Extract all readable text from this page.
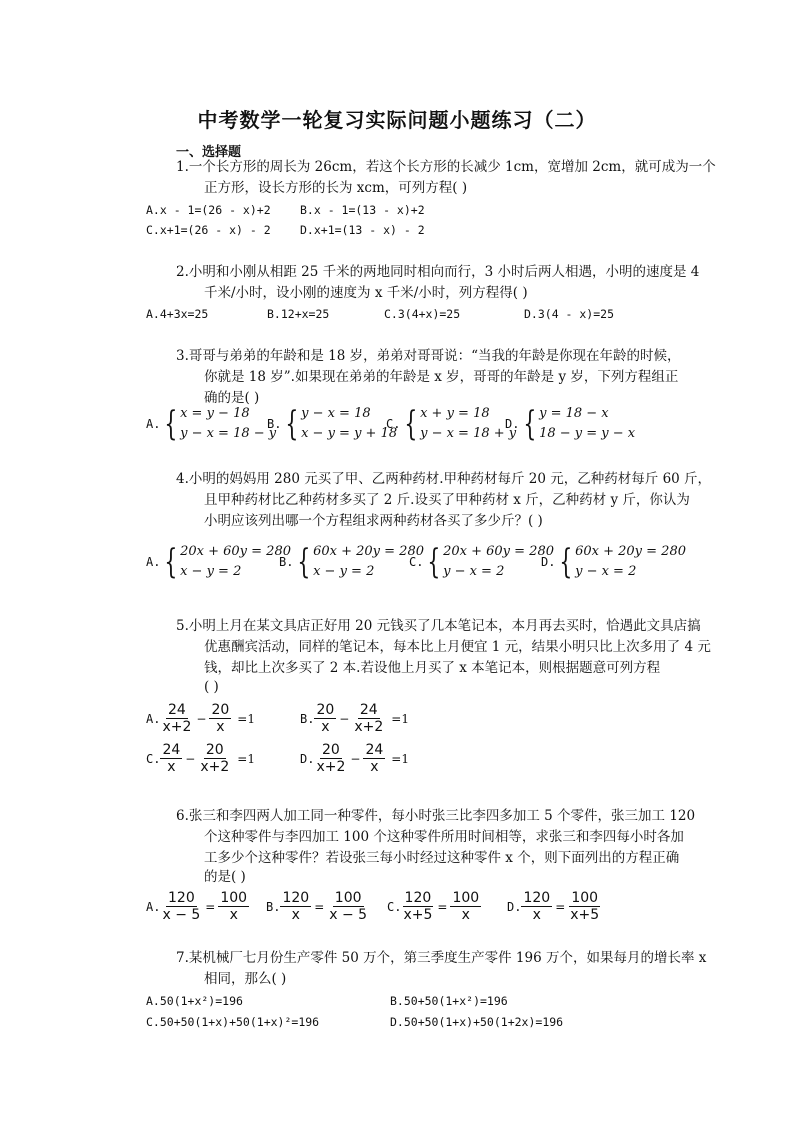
中考数学一轮复习实际问题小题练习（二）
一、选择题
1.一个长方形的周长为 26cm，若这个长方形的长减少 1cm，宽增加 2cm，就可成为一个
正方形，设长方形的长为 xcm，可列方程( )
A.x - 1=(26 - x)+2	B.x - 1=(13 - x)+2
C.x+1=(26 - x) - 2	D.x+1=(13 - x) - 2
2.小明和小刚从相距 25 千米的两地同时相向而行，3 小时后两人相遇，小明的速度是 4
千米/小时，设小刚的速度为 x 千米/小时，列方程得( )
A.4+3x=25	B.12+x=25	C.3(4+x)=25	D.3(4 - x)=25
3.哥哥与弟弟的年龄和是 18 岁，弟弟对哥哥说：“当我的年龄是你现在年龄的时候，
你就是 18 岁”.如果现在弟弟的年龄是 x 岁，哥哥的年龄是 y 岁，下列方程组正
确的是( )
A. { x = y − 18
y − x = 18 − y
B. { y − x = 18
x − y = y + 18
C. { x + y = 18
y − x = 18 + y
D. { y = 18 − x
18 − y = y − x
4.小明的妈妈用 280 元买了甲、乙两种药材.甲种药材每斤 20 元，乙种药材每斤 60 斤，
且甲种药材比乙种药材多买了 2 斤.设买了甲种药材 x 斤，乙种药材 y 斤，你认为
小明应该列出哪一个方程组求两种药材各买了多少斤？( )
A. { 20x + 60y = 280
x − y = 2
B. { 60x + 20y = 280
x − y = 2
C. { 20x + 60y = 280
y − x = 2
D. { 60x + 20y = 280
y − x = 2
5.小明上月在某文具店正好用 20 元钱买了几本笔记本，本月再去买时，恰遇此文具店搞
优惠酬宾活动，同样的笔记本，每本比上月便宜 1 元，结果小明只比上次多用了 4 元
钱，却比上次多买了 2 本.若设他上月买了 x 本笔记本，则根据题意可列方程
( )
A. $\frac{24}{x+2} - \frac{20}{x} =1$	B. $\frac{20}{x} - \frac{24}{x+2} =1$
C. $\frac{24}{x} - \frac{20}{x+2} =1$	D. $\frac{20}{x+2} - \frac{24}{x} =1$
6.张三和李四两人加工同一种零件，每小时张三比李四多加工 5 个零件，张三加工 120
个这种零件与李四加工 100 个这种零件所用时间相等，求张三和李四每小时各加
工多少个这种零件？若设张三每小时经过这种零件 x 个，则下面列出的方程正确
的是( )
A. $\frac{120}{x - 5} = \frac{100}{x} B$. $\frac{120}{x} = \frac{100}{x - 5} C$. $\frac{120}{x+5} = \frac{100}{x} D$. $\frac{120}{x} = \frac{100}{x+5}$
7.某机械厂七月份生产零件 50 万个，第三季度生产零件 196 万个，如果每月的增长率 x
相同，那么( )
A.50(1+x²)=196	B.50+50(1+x²)=196
C.50+50(1+x)+50(1+x)²=196	D.50+50(1+x)+50(1+2x)=196
